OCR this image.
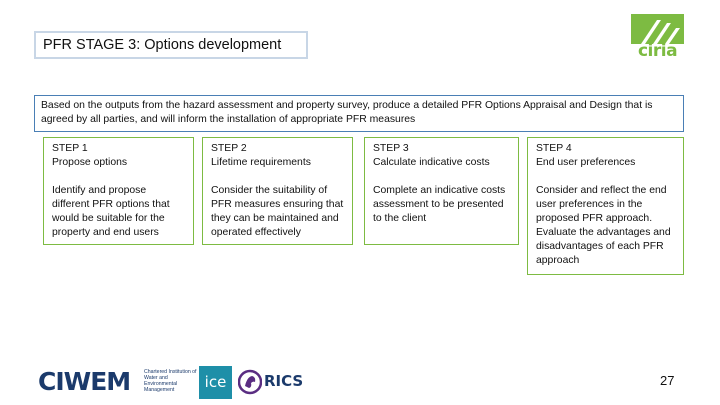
PFR STAGE 3: Options development	ciria
Based on the outputs from the hazard assessment and property survey, produce a detailed PFR Options Appraisal and Design that is agreed by all parties, and will inform the installation of appropriate PFR measures
STEP 1
Propose options
Identify and propose different PFR options that would be suitable for the property and end users
STEP 2
Lifetime requirements
Consider the suitability of PFR measures ensuring that they can be maintained and operated effectively
STEP 3
Calculate indicative costs
Complete an indicative costs assessment to be presented to the client
STEP 4
End user preferences
Consider and reflect the end user preferences in the proposed PFR approach. Evaluate the advantages and disadvantages of each PFR approach
CIWEM	Chartered Institution of Water and Environmental Management	ice	RICS	27
